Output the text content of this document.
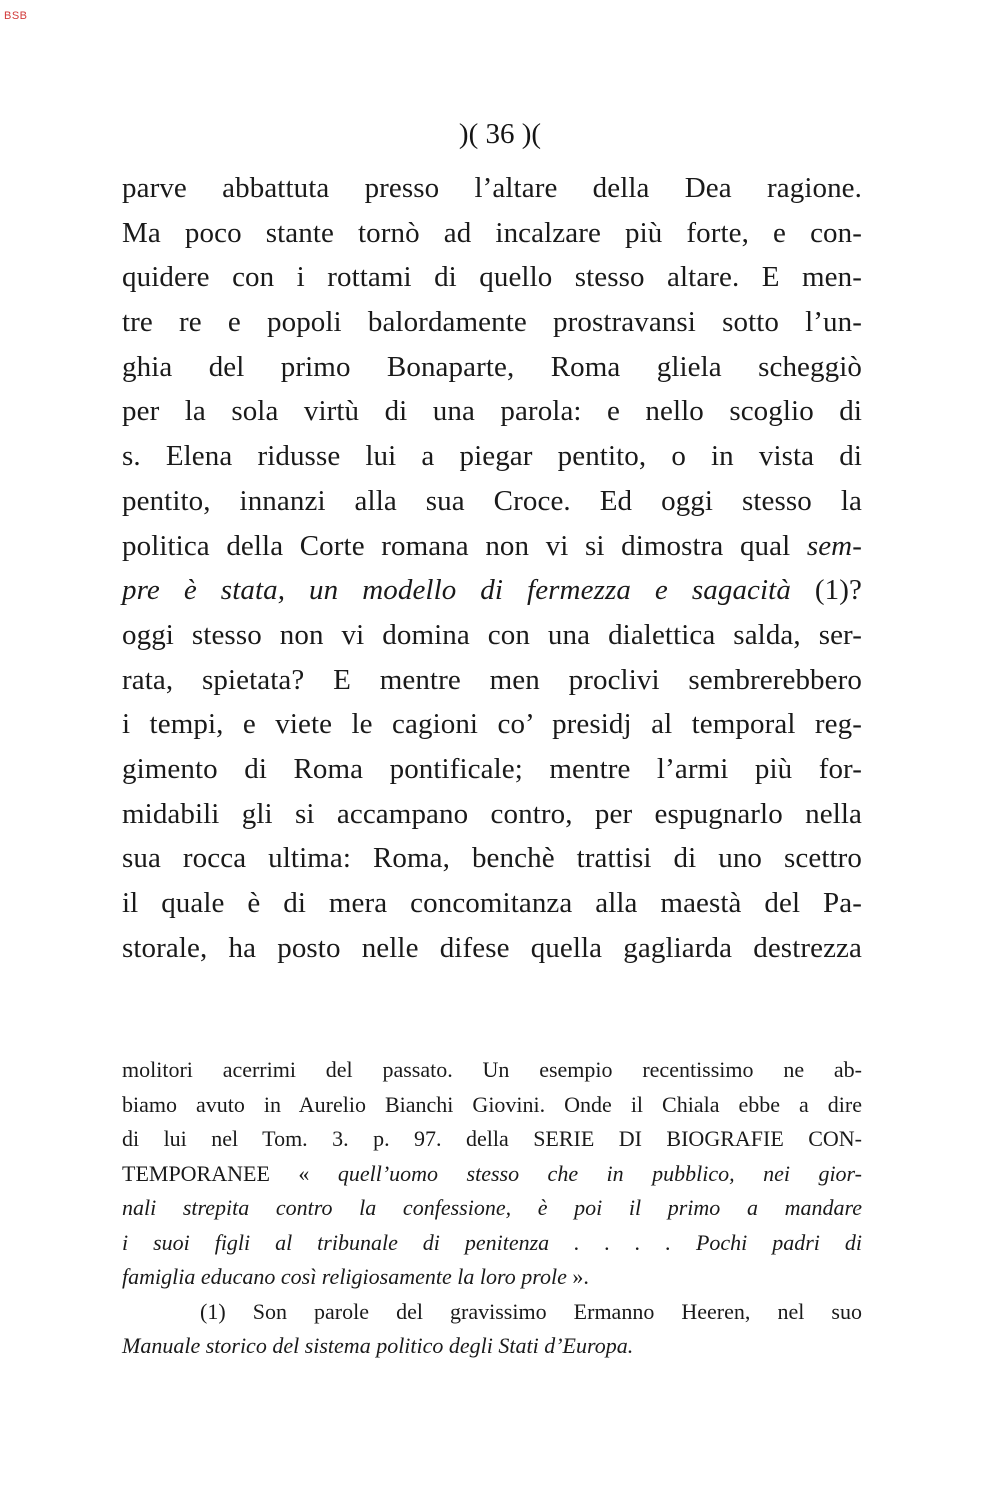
BSB
)( 36 )(
parve abbattuta presso l’altare della Dea ragione.
Ma poco stante tornò ad incalzare più forte, e con-
quidere con i rottami di quello stesso altare. E men-
tre re e popoli balordamente prostravansi sotto l’un-
ghia del primo Bonaparte, Roma gliela scheggiò
per la sola virtù di una parola: e nello scoglio di
s. Elena ridusse lui a piegar pentito, o in vista di
pentito, innanzi alla sua Croce. Ed oggi stesso la
politica della Corte romana non vi si dimostra qual sem-
pre è stata, un modello di fermezza e sagacità (1)?
oggi stesso non vi domina con una dialettica salda, ser-
rata, spietata? E mentre men proclivi sembrerebbero
i tempi, e viete le cagioni co’ presidj al temporal reg-
gimento di Roma pontificale; mentre l’armi più for-
midabili gli si accampano contro, per espugnarlo nella
sua rocca ultima: Roma, benchè trattisi di uno scettro
il quale è di mera concomitanza alla maestà del Pa-
storale, ha posto nelle difese quella gagliarda destrezza
molitori acerrimi del passato. Un esempio recentissimo ne ab-
biamo avuto in Aurelio Bianchi Giovini. Onde il Chiala ebbe a dire
di lui nel Tom. 3. p. 97. della SERIE DI BIOGRAFIE CON-
TEMPORANEE « quell’uomo stesso che in pubblico, nei gior-
nali strepita contro la confessione, è poi il primo a mandare
i suoi figli al tribunale di penitenza . . . . Pochi padri di
famiglia educano così religiosamente la loro prole ».
(1) Son parole del gravissimo Ermanno Heeren, nel suo
Manuale storico del sistema politico degli Stati d’Europa.
